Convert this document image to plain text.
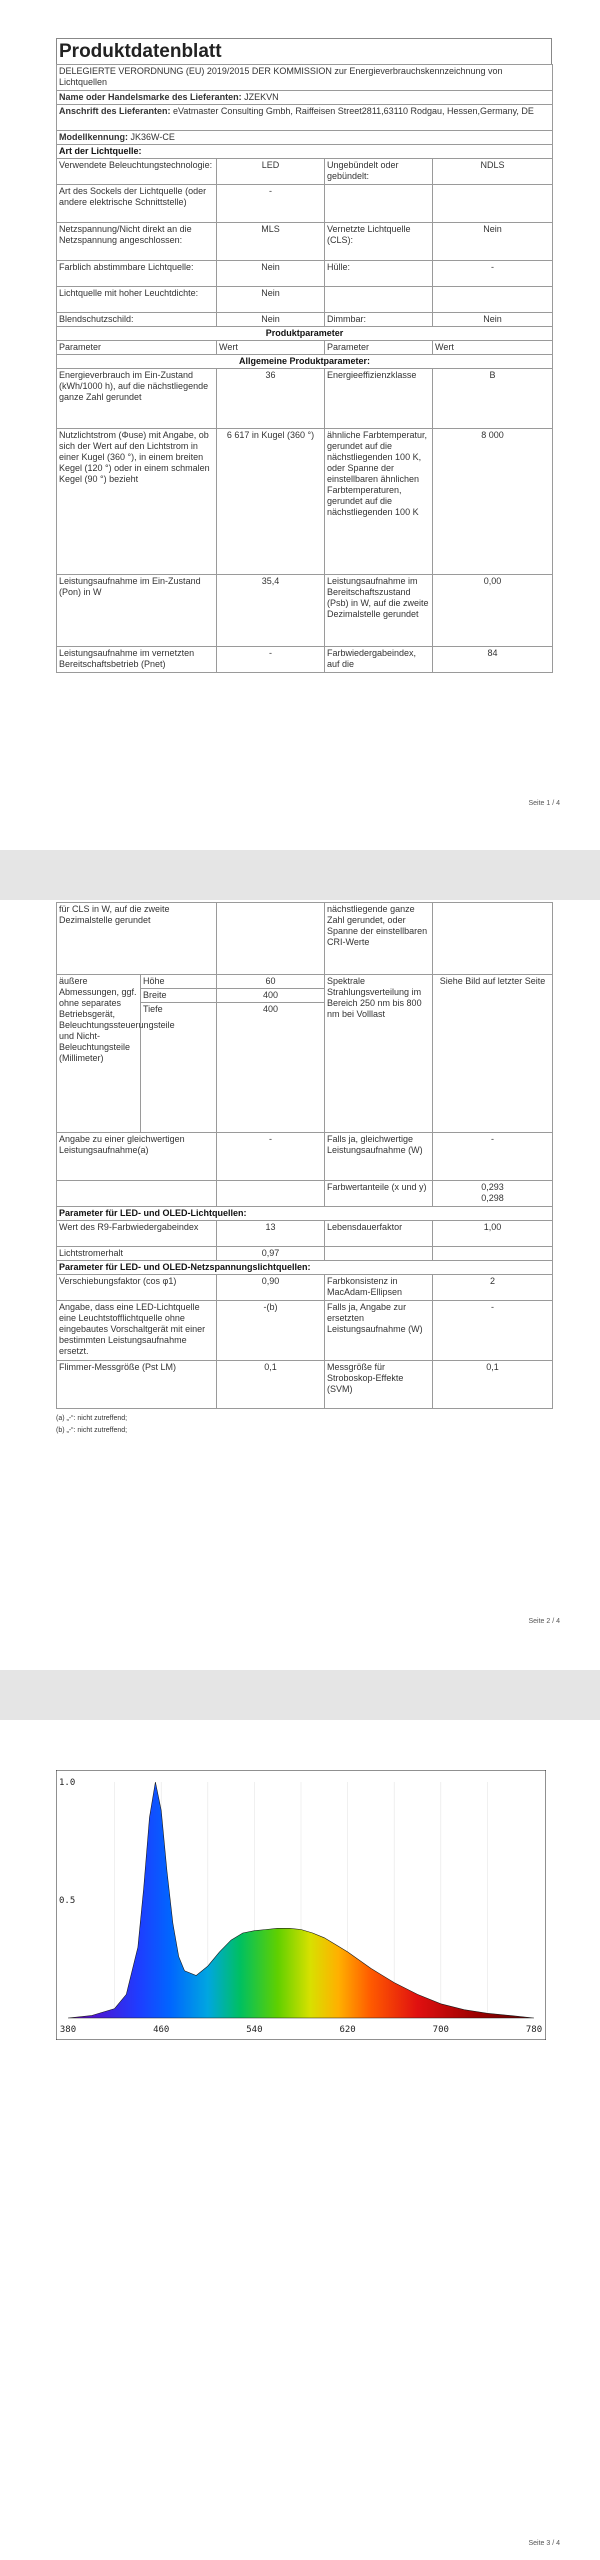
Produktdatenblatt
DELEGIERTE VERORDNUNG (EU) 2019/2015 DER KOMMISSION zur Energieverbrauchskennzeichnung von Lichtquellen			
Name oder Handelsmarke des Lieferanten: JZEKVN			
Anschrift des Lieferanten: eVatmaster Consulting Gmbh, Raiffeisen Street2811,63110 Rodgau, Hessen,Germany, DE			
Modellkennung: JK36W-CE			
Art der Lichtquelle:			
Verwendete Beleuchtungstechnologie:	LED	Ungebündelt oder gebündelt:	NDLS
Art des Sockels der Lichtquelle (oder andere elektrische Schnittstelle)	-		
Netzspannung/Nicht direkt an die Netzspannung angeschlossen:	MLS	Vernetzte Lichtquelle (CLS):	Nein
Farblich abstimmbare Lichtquelle:	Nein	Hülle:	-
Lichtquelle mit hoher Leuchtdichte:	Nein		
Blendschutzschild:	Nein	Dimmbar:	Nein
Produktparameter			
Parameter	Wert	Parameter	Wert
Allgemeine Produktparameter:			
Energieverbrauch im Ein-Zustand (kWh/1000 h), auf die nächstliegende ganze Zahl gerundet	36	Energieeffizienzklasse	B
Nutzlichtstrom (Φuse) mit Angabe, ob sich der Wert auf den Lichtstrom in einer Kugel (360 °), in einem breiten Kegel (120 °) oder in einem schmalen Kegel (90 °) bezieht	6 617 in Kugel (360 °)	ähnliche Farbtemperatur, gerundet auf die nächstliegenden 100 K, oder Spanne der einstellbaren ähnlichen Farbtemperaturen, gerundet auf die nächstliegenden 100 K	8 000
Leistungsaufnahme im Ein-Zustand (Pon) in W	35,4	Leistungsaufnahme im Bereitschaftszustand (Psb) in W, auf die zweite Dezimalstelle gerundet	0,00
Leistungsaufnahme im vernetzten Bereitschaftsbetrieb (Pnet)	-	Farbwiedergabeindex, auf die	84
Seite 1 / 4
für CLS in W, auf die zweite Dezimalstelle gerundet			nächstliegende ganze Zahl gerundet, oder Spanne der einstellbaren CRI-Werte	
äußere Abmessungen, ggf. ohne separates Betriebsgerät, Beleuchtungssteuerungsteile und Nicht-Beleuchtungsteile (Millimeter)	Höhe	60	Spektrale Strahlungsverteilung im Bereich 250 nm bis 800 nm bei Volllast	Siehe Bild auf letzter Seite
	Breite	400		
	Tiefe	400		
Angabe zu einer gleichwertigen Leistungsaufnahme(a)		-	Falls ja, gleichwertige Leistungsaufnahme (W)	-
			Farbwertanteile (x und y)	0,293
0,298
Parameter für LED- und OLED-Lichtquellen:				
Wert des R9-Farbwiedergabeindex		13	Lebensdauerfaktor	1,00
Lichtstromerhalt		0,97		
Parameter für LED- und OLED-Netzspannungslichtquellen:				
Verschiebungsfaktor (cos φ1)		0,90	Farbkonsistenz in MacAdam-Ellipsen	2
Angabe, dass eine LED-Lichtquelle eine Leuchtstofflichtquelle ohne eingebautes Vorschaltgerät mit einer bestimmten Leistungsaufnahme ersetzt.		-(b)	Falls ja, Angabe zur ersetzten Leistungsaufnahme (W)	-
Flimmer-Messgröße (Pst LM)		0,1	Messgröße für Stroboskop-Effekte (SVM)	0,1
(a) „-“: nicht zutreffend;
(b) „-“: nicht zutreffend;
Seite 2 / 4
Seite 3 / 4
380	460	540	620	700	780
1.0
0.5
